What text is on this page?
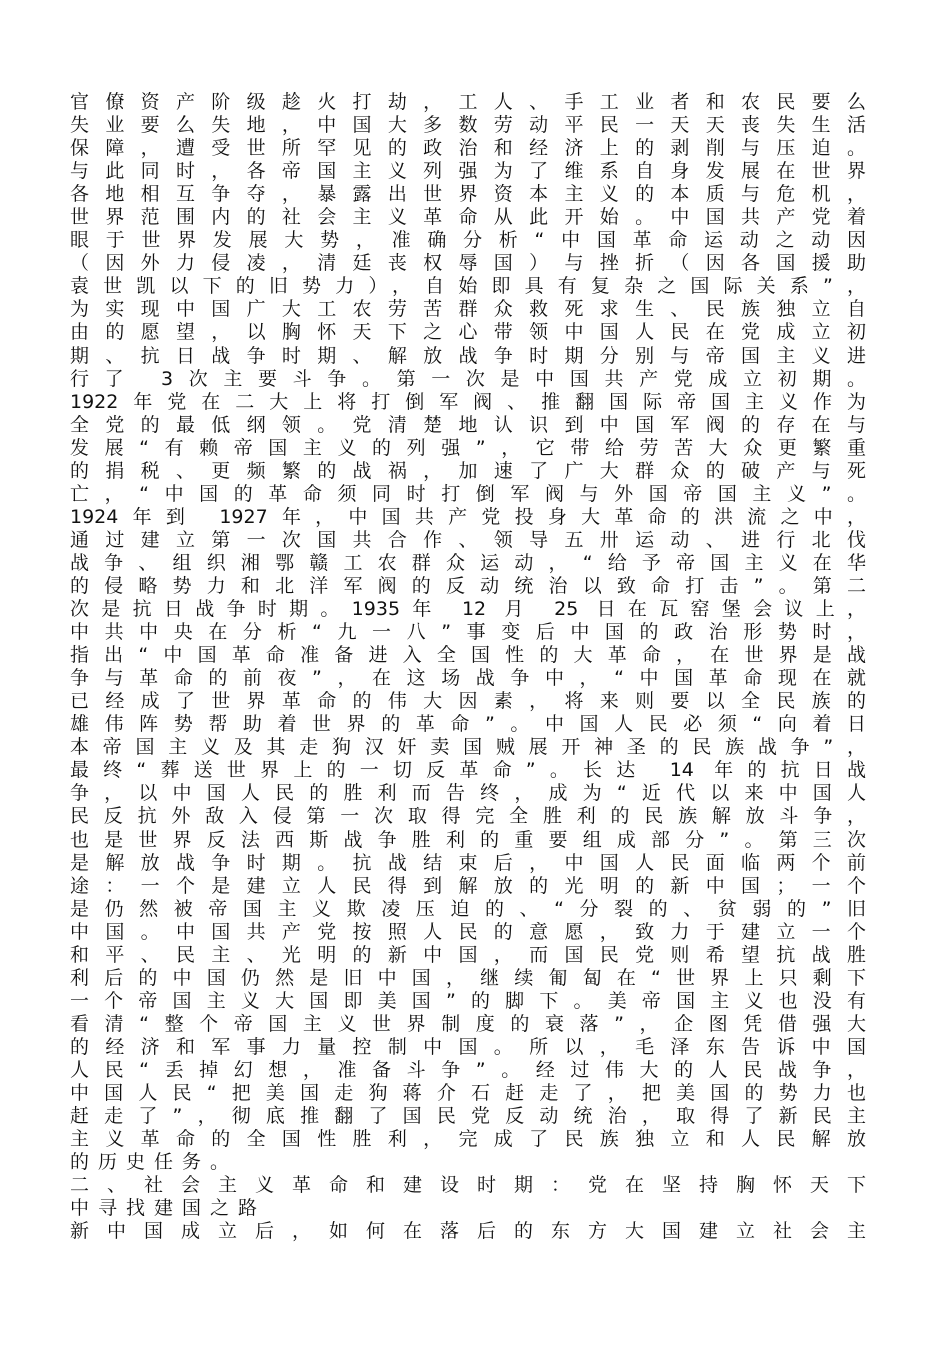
官僚资产阶级趁火打劫，工人、手工业者和农民要么
失业要么失地，中国大多数劳动平民一天天丧失生活
保障，遭受世所罕见的政治和经济上的剥削与压迫。
与此同时，各帝国主义列强为了维系自身发展在世界
各地相互争夺，暴露出世界资本主义的本质与危机，
世界范围内的社会主义革命从此开始。中国共产党着
眼于世界发展大势，准确分析“中国革命运动之动因
（因外力侵凌，清廷丧权辱国）与挫折（因各国援助
袁世凯以下的旧势力），自始即具有复杂之国际关系”，
为实现中国广大工农劳苦群众救死求生、民族独立自
由的愿望，以胸怀天下之心带领中国人民在党成立初
期、抗日战争时期、解放战争时期分别与帝国主义进
行了 3次主要斗争。第一次是中国共产党成立初期。
1922年党在二大上将打倒军阀、推翻国际帝国主义作为
全党的最低纲领。党清楚地认识到中国军阀的存在与
发展“有赖帝国主义的列强”，它带给劳苦大众更繁重
的捐税、更频繁的战祸，加速了广大群众的破产与死
亡，“中国的革命须同时打倒军阀与外国帝国主义”。
1924年到 1927年，中国共产党投身大革命的洪流之中，
通过建立第一次国共合作、领导五卅运动、进行北伐
战争、组织湘鄂赣工农群众运动，“给予帝国主义在华
的侵略势力和北洋军阀的反动统治以致命打击”。第二
次是抗日战争时期。1935年 12 月 25 日在瓦窑堡会议上，
中共中央在分析“九一八”事变后中国的政治形势时，
指出“中国革命准备进入全国性的大革命，在世界是战
争与革命的前夜”，在这场战争中，“中国革命现在就
已经成了世界革命的伟大因素，将来则要以全民族的
雄伟阵势帮助着世界的革命”。中国人民必须“向着日
本帝国主义及其走狗汉奸卖国贼展开神圣的民族战争”，
最终“葬送世界上的一切反革命”。长达 14 年的抗日战
争，以中国人民的胜利而告终，成为“近代以来中国人
民反抗外敌入侵第一次取得完全胜利的民族解放斗争，
也是世界反法西斯战争胜利的重要组成部分”。第三次
是解放战争时期。抗战结束后，中国人民面临两个前
途：一个是建立人民得到解放的光明的新中国；一个
是仍然被帝国主义欺凌压迫的、“分裂的、贫弱的”旧
中国。中国共产党按照人民的意愿，致力于建立一个
和平、民主、光明的新中国，而国民党则希望抗战胜
利后的中国仍然是旧中国，继续匍匐在“世界上只剩下
一个帝国主义大国即美国”的脚下。美帝国主义也没有
看清“整个帝国主义世界制度的衰落”，企图凭借强大
的经济和军事力量控制中国。所以，毛泽东告诉中国
人民“丢掉幻想，准备斗争”。经过伟大的人民战争，
中国人民“把美国走狗蒋介石赶走了，把美国的势力也
赶走了”，彻底推翻了国民党反动统治，取得了新民主
主义革命的全国性胜利，完成了民族独立和人民解放
的历史任务。
二、社会主义革命和建设时期：党在坚持胸怀天下
中寻找建国之路
新中国成立后，如何在落后的东方大国建立社会主
